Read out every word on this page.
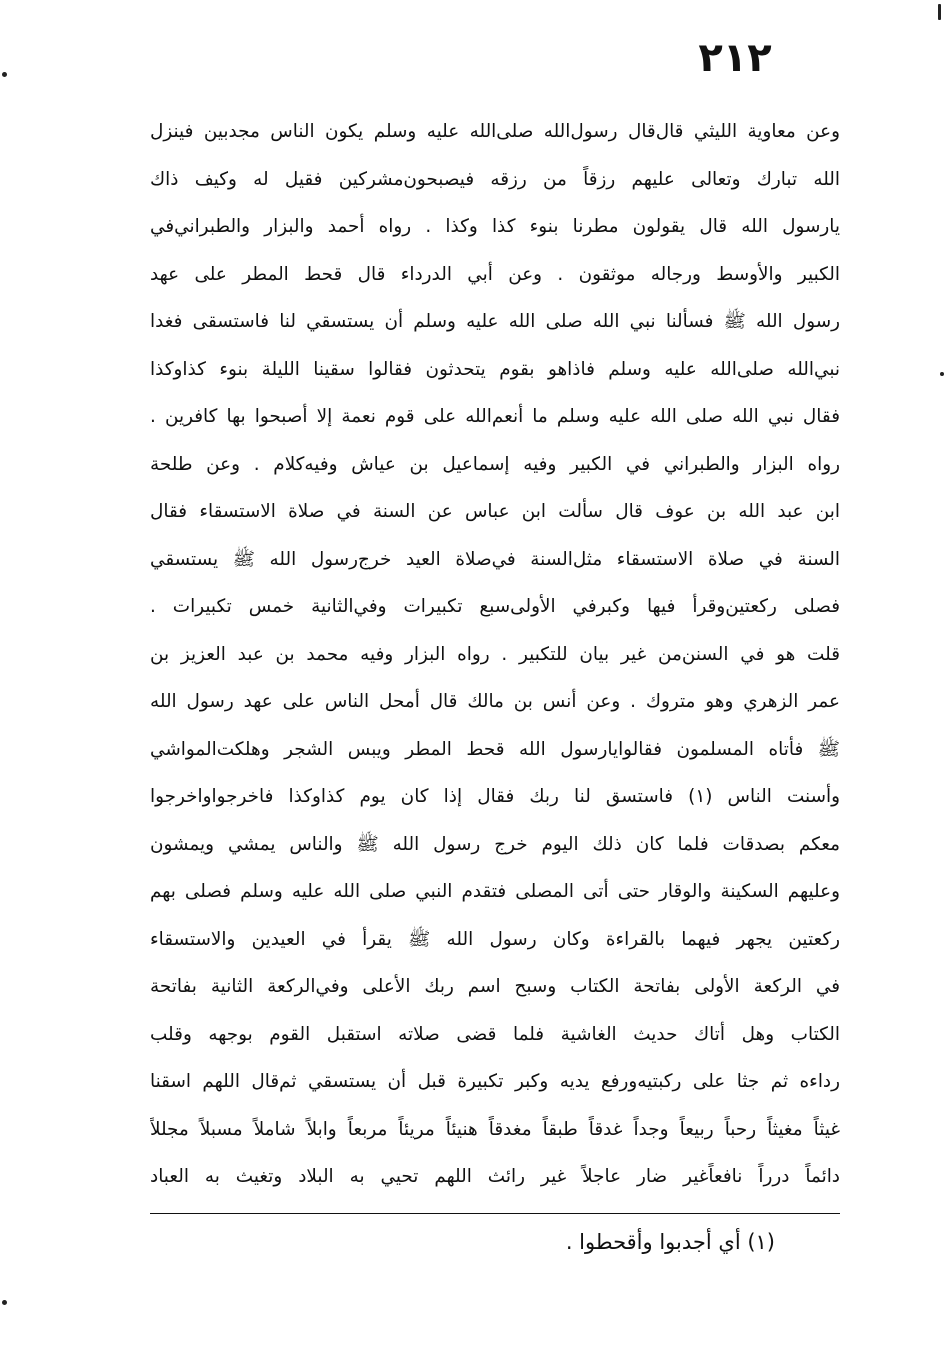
٢١٢
وعن معاوية الليثي قال‌قال رسول‌الله صلى‌الله عليه وسلم يكون الناس مجدبين فينزل
الله تبارك وتعالى عليهم رزقاً من رزقه فيصبحون‌مشركين فقيل له وكيف ذاك
يارسول الله قال يقولون مطرنا بنوء كذا وكذا . رواه أحمد والبزار والطبراني‌في
الكبير والأوسط ورجاله موثقون . وعن أبي الدرداء قال قحط المطر على عهد
رسول الله ﷺ فسألنا نبي الله صلى الله عليه وسلم أن يستسقي لنا فاستسقى فغدا
نبي‌الله صلى‌الله عليه وسلم فاذاهو بقوم يتحدثون فقالوا سقينا الليلة بنوء كذاوكذا
فقال نبي الله صلى الله عليه وسلم ما أنعم‌الله على قوم نعمة إلا أصبحوا بها كافرين .
رواه البزار والطبراني في الكبير وفيه إسماعيل بن عياش وفيه‌كلام . وعن طلحة
ابن عبد الله بن عوف قال سألت ابن عباس عن السنة في صلاة الاستسقاء فقال
السنة في صلاة الاستسقاء مثل‌السنة في‌صلاة العيد خرج‌رسول الله ﷺ يستسقي
فصلى ركعتين‌وقرأ فيها وكبر‌في الأولى‌سبع تكبيرات وفي‌الثانية خمس تكبيرات .
قلت هو في السنن‌من غير بيان للتكبير . رواه البزار وفيه محمد بن عبد العزيز بن
عمر الزهري وهو متروك . وعن أنس بن مالك قال أمحل الناس على عهد رسول الله
ﷺ فأتاه المسلمون فقالوايارسول الله قحط المطر ويبس الشجر وهلكت‌المواشي
وأسنت الناس (١) فاستسق لنا ربك فقال إذا كان يوم كذاوكذا فاخرجواواخرجوا
معكم بصدقات فلما كان ذلك اليوم خرج رسول الله ﷺ والناس يمشي ويمشون
وعليهم السكينة والوقار حتى أتى المصلى فتقدم النبي صلى الله عليه وسلم فصلى بهم
ركعتين يجهر فيهما بالقراءة وكان رسول الله ﷺ يقرأ في العيدين والاستسقاء
في الركعة الأولى بفاتحة الكتاب وسبح اسم ربك الأعلى وفي‌الركعة الثانية بفاتحة
الكتاب وهل أتاك حديث الغاشية فلما قضى صلاته استقبل القوم بوجهه وقلب
رداءه ثم جثا على ركبتيه‌ورفع يديه وكبر تكبيرة قبل أن يستسقي ثم‌قال اللهم اسقنا
غيثاً مغيثاً رحباً ربيعاً وجداً غدقاً طبقاً مغدقاً هنيئاً مريئاً مربعاً وابلاً شاملاً مسبلاً مجللاً
دائماً درراً نافعاً‌غير ضار عاجلاً غير رائث اللهم تحيي به البلاد وتغيث به العباد
(١) أي أجدبوا وأقحطوا .
